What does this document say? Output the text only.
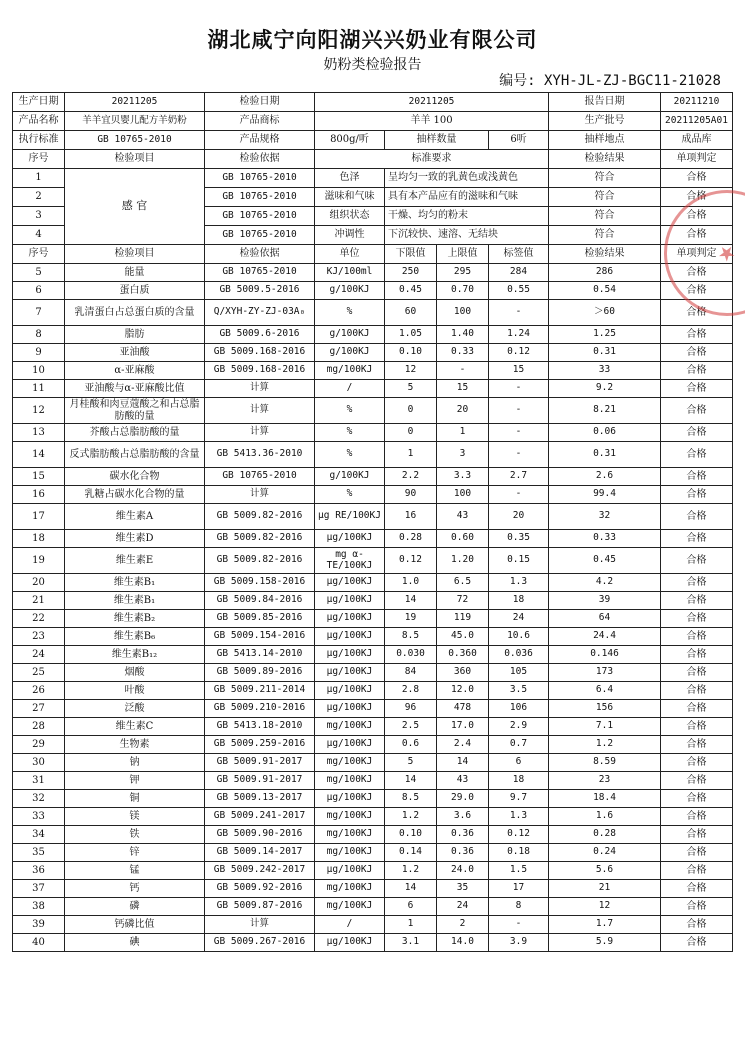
湖北咸宁向阳湖兴兴奶业有限公司
奶粉类检验报告
编号: XYH-JL-ZJ-BGC11-21028
生产日期	20211205	检验日期	20211205				报告日期	20211210
产品名称	羊羊宜贝婴儿配方羊奶粉	产品商标	羊羊 100				生产批号	20211205A01
执行标准	GB 10765-2010	产品规格	800g/听	抽样数量		6听	抽样地点	成品库
序号	检验项目	检验依据	标准要求				检验结果	单项判定
1	感 官	GB 10765-2010	色泽	呈均匀一致的乳黄色或浅黄色			符合	合格
2		GB 10765-2010	滋味和气味	具有本产品应有的滋味和气味			符合	合格
3		GB 10765-2010	组织状态	干燥、均匀的粉末			符合	合格
4		GB 10765-2010	冲调性	下沉较快、速溶、无结块			符合	合格
序号	检验项目	检验依据	单位	下限值	上限值	标签值	检验结果	单项判定
5	能量	GB 10765-2010	KJ/100ml	250	295	284	286	合格
6	蛋白质	GB 5009.5-2016	g/100KJ	0.45	0.70	0.55	0.54	合格
7	乳清蛋白占总蛋白质的含量	Q/XYH-ZY-ZJ-03A₀	%	60	100	-	＞60	合格
8	脂肪	GB 5009.6-2016	g/100KJ	1.05	1.40	1.24	1.25	合格
9	亚油酸	GB 5009.168-2016	g/100KJ	0.10	0.33	0.12	0.31	合格
10	α-亚麻酸	GB 5009.168-2016	mg/100KJ	12	-	15	33	合格
11	亚油酸与α-亚麻酸比值	计算	/	5	15	-	9.2	合格
12	月桂酸和肉豆蔻酸之和占总脂肪酸的量	计算	%	0	20	-	8.21	合格
13	芥酸占总脂肪酸的量	计算	%	0	1	-	0.06	合格
14	反式脂肪酸占总脂肪酸的含量	GB 5413.36-2010	%	1	3	-	0.31	合格
15	碳水化合物	GB 10765-2010	g/100KJ	2.2	3.3	2.7	2.6	合格
16	乳糖占碳水化合物的量	计算	%	90	100	-	99.4	合格
17	维生素A	GB 5009.82-2016	μg RE/100KJ	16	43	20	32	合格
18	维生素D	GB 5009.82-2016	μg/100KJ	0.28	0.60	0.35	0.33	合格
19	维生素E	GB 5009.82-2016	mg α-TE/100KJ	0.12	1.20	0.15	0.45	合格
20	维生素B₁	GB 5009.158-2016	μg/100KJ	1.0	6.5	1.3	4.2	合格
21	维生素B₁	GB 5009.84-2016	μg/100KJ	14	72	18	39	合格
22	维生素B₂	GB 5009.85-2016	μg/100KJ	19	119	24	64	合格
23	维生素B₆	GB 5009.154-2016	μg/100KJ	8.5	45.0	10.6	24.4	合格
24	维生素B₁₂	GB 5413.14-2010	μg/100KJ	0.030	0.360	0.036	0.146	合格
25	烟酸	GB 5009.89-2016	μg/100KJ	84	360	105	173	合格
26	叶酸	GB 5009.211-2014	μg/100KJ	2.8	12.0	3.5	6.4	合格
27	泛酸	GB 5009.210-2016	μg/100KJ	96	478	106	156	合格
28	维生素C	GB 5413.18-2010	mg/100KJ	2.5	17.0	2.9	7.1	合格
29	生物素	GB 5009.259-2016	μg/100KJ	0.6	2.4	0.7	1.2	合格
30	钠	GB 5009.91-2017	mg/100KJ	5	14	6	8.59	合格
31	钾	GB 5009.91-2017	mg/100KJ	14	43	18	23	合格
32	铜	GB 5009.13-2017	μg/100KJ	8.5	29.0	9.7	18.4	合格
33	镁	GB 5009.241-2017	mg/100KJ	1.2	3.6	1.3	1.6	合格
34	铁	GB 5009.90-2016	mg/100KJ	0.10	0.36	0.12	0.28	合格
35	锌	GB 5009.14-2017	mg/100KJ	0.14	0.36	0.18	0.24	合格
36	锰	GB 5009.242-2017	μg/100KJ	1.2	24.0	1.5	5.6	合格
37	钙	GB 5009.92-2016	mg/100KJ	14	35	17	21	合格
38	磷	GB 5009.87-2016	mg/100KJ	6	24	8	12	合格
39	钙磷比值	计算	/	1	2	-	1.7	合格
40	碘	GB 5009.267-2016	μg/100KJ	3.1	14.0	3.9	5.9	合格
★
